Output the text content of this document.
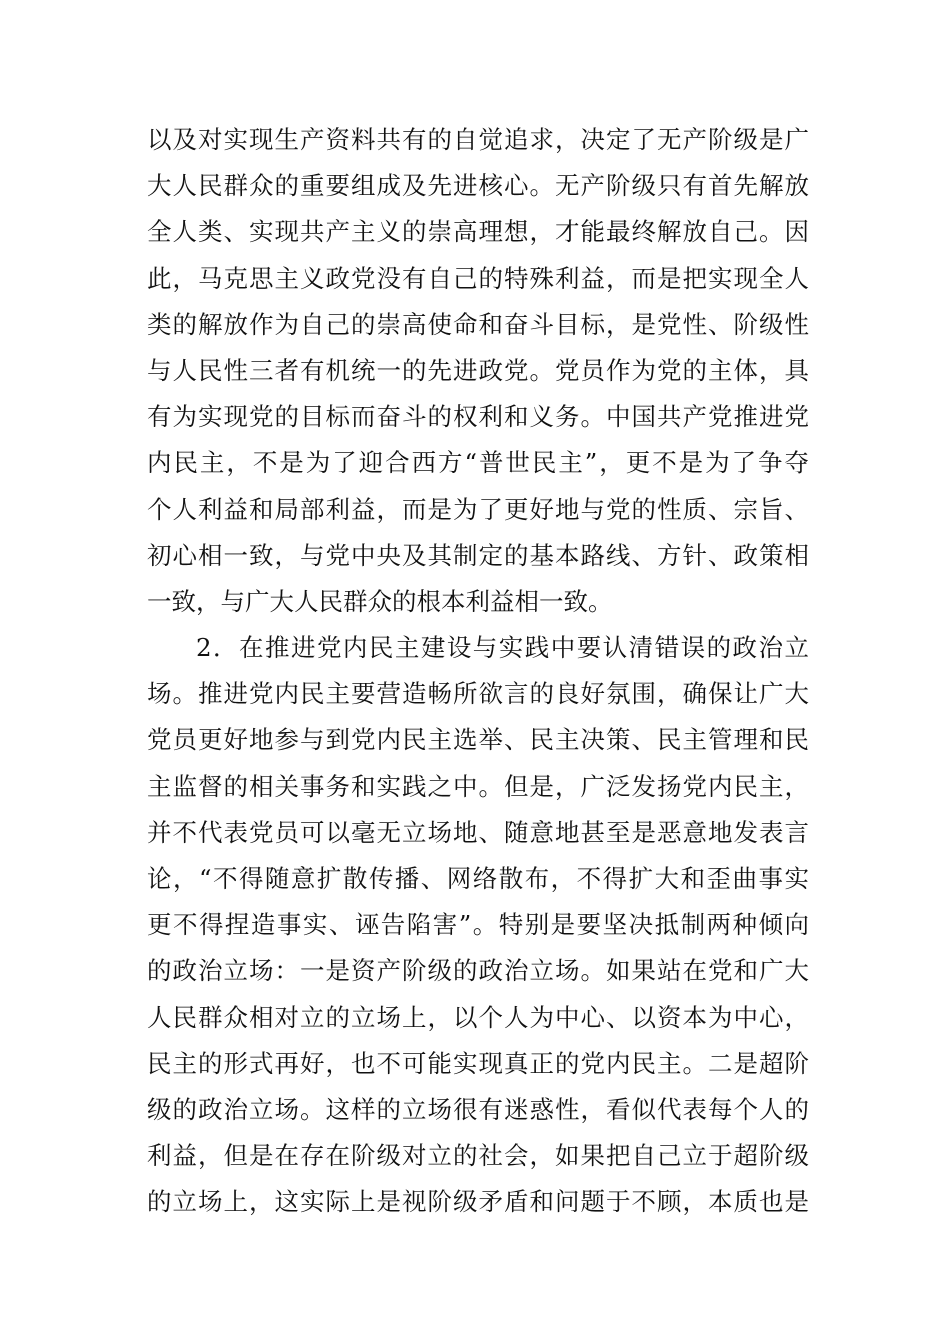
以及对实现生产资料共有的自觉追求，决定了无产阶级是广
大人民群众的重要组成及先进核心。无产阶级只有首先解放
全人类、实现共产主义的崇高理想，才能最终解放自己。因
此，马克思主义政党没有自己的特殊利益，而是把实现全人
类的解放作为自己的崇高使命和奋斗目标，是党性、阶级性
与人民性三者有机统一的先进政党。党员作为党的主体，具
有为实现党的目标而奋斗的权利和义务。中国共产党推进党
内民主，不是为了迎合西方“普世民主”，更不是为了争夺
个人利益和局部利益，而是为了更好地与党的性质、宗旨、
初心相一致，与党中央及其制定的基本路线、方针、政策相
一致，与广大人民群众的根本利益相一致。
2．在推进党内民主建设与实践中要认清错误的政治立
场。推进党内民主要营造畅所欲言的良好氛围，确保让广大
党员更好地参与到党内民主选举、民主决策、民主管理和民
主监督的相关事务和实践之中。但是，广泛发扬党内民主，
并不代表党员可以毫无立场地、随意地甚至是恶意地发表言
论，“不得随意扩散传播、网络散布，不得扩大和歪曲事实
更不得捏造事实、诬告陷害”。特别是要坚决抵制两种倾向
的政治立场：一是资产阶级的政治立场。如果站在党和广大
人民群众相对立的立场上，以个人为中心、以资本为中心，
民主的形式再好，也不可能实现真正的党内民主。二是超阶
级的政治立场。这样的立场很有迷惑性，看似代表每个人的
利益，但是在存在阶级对立的社会，如果把自己立于超阶级
的立场上，这实际上是视阶级矛盾和问题于不顾，本质也是
